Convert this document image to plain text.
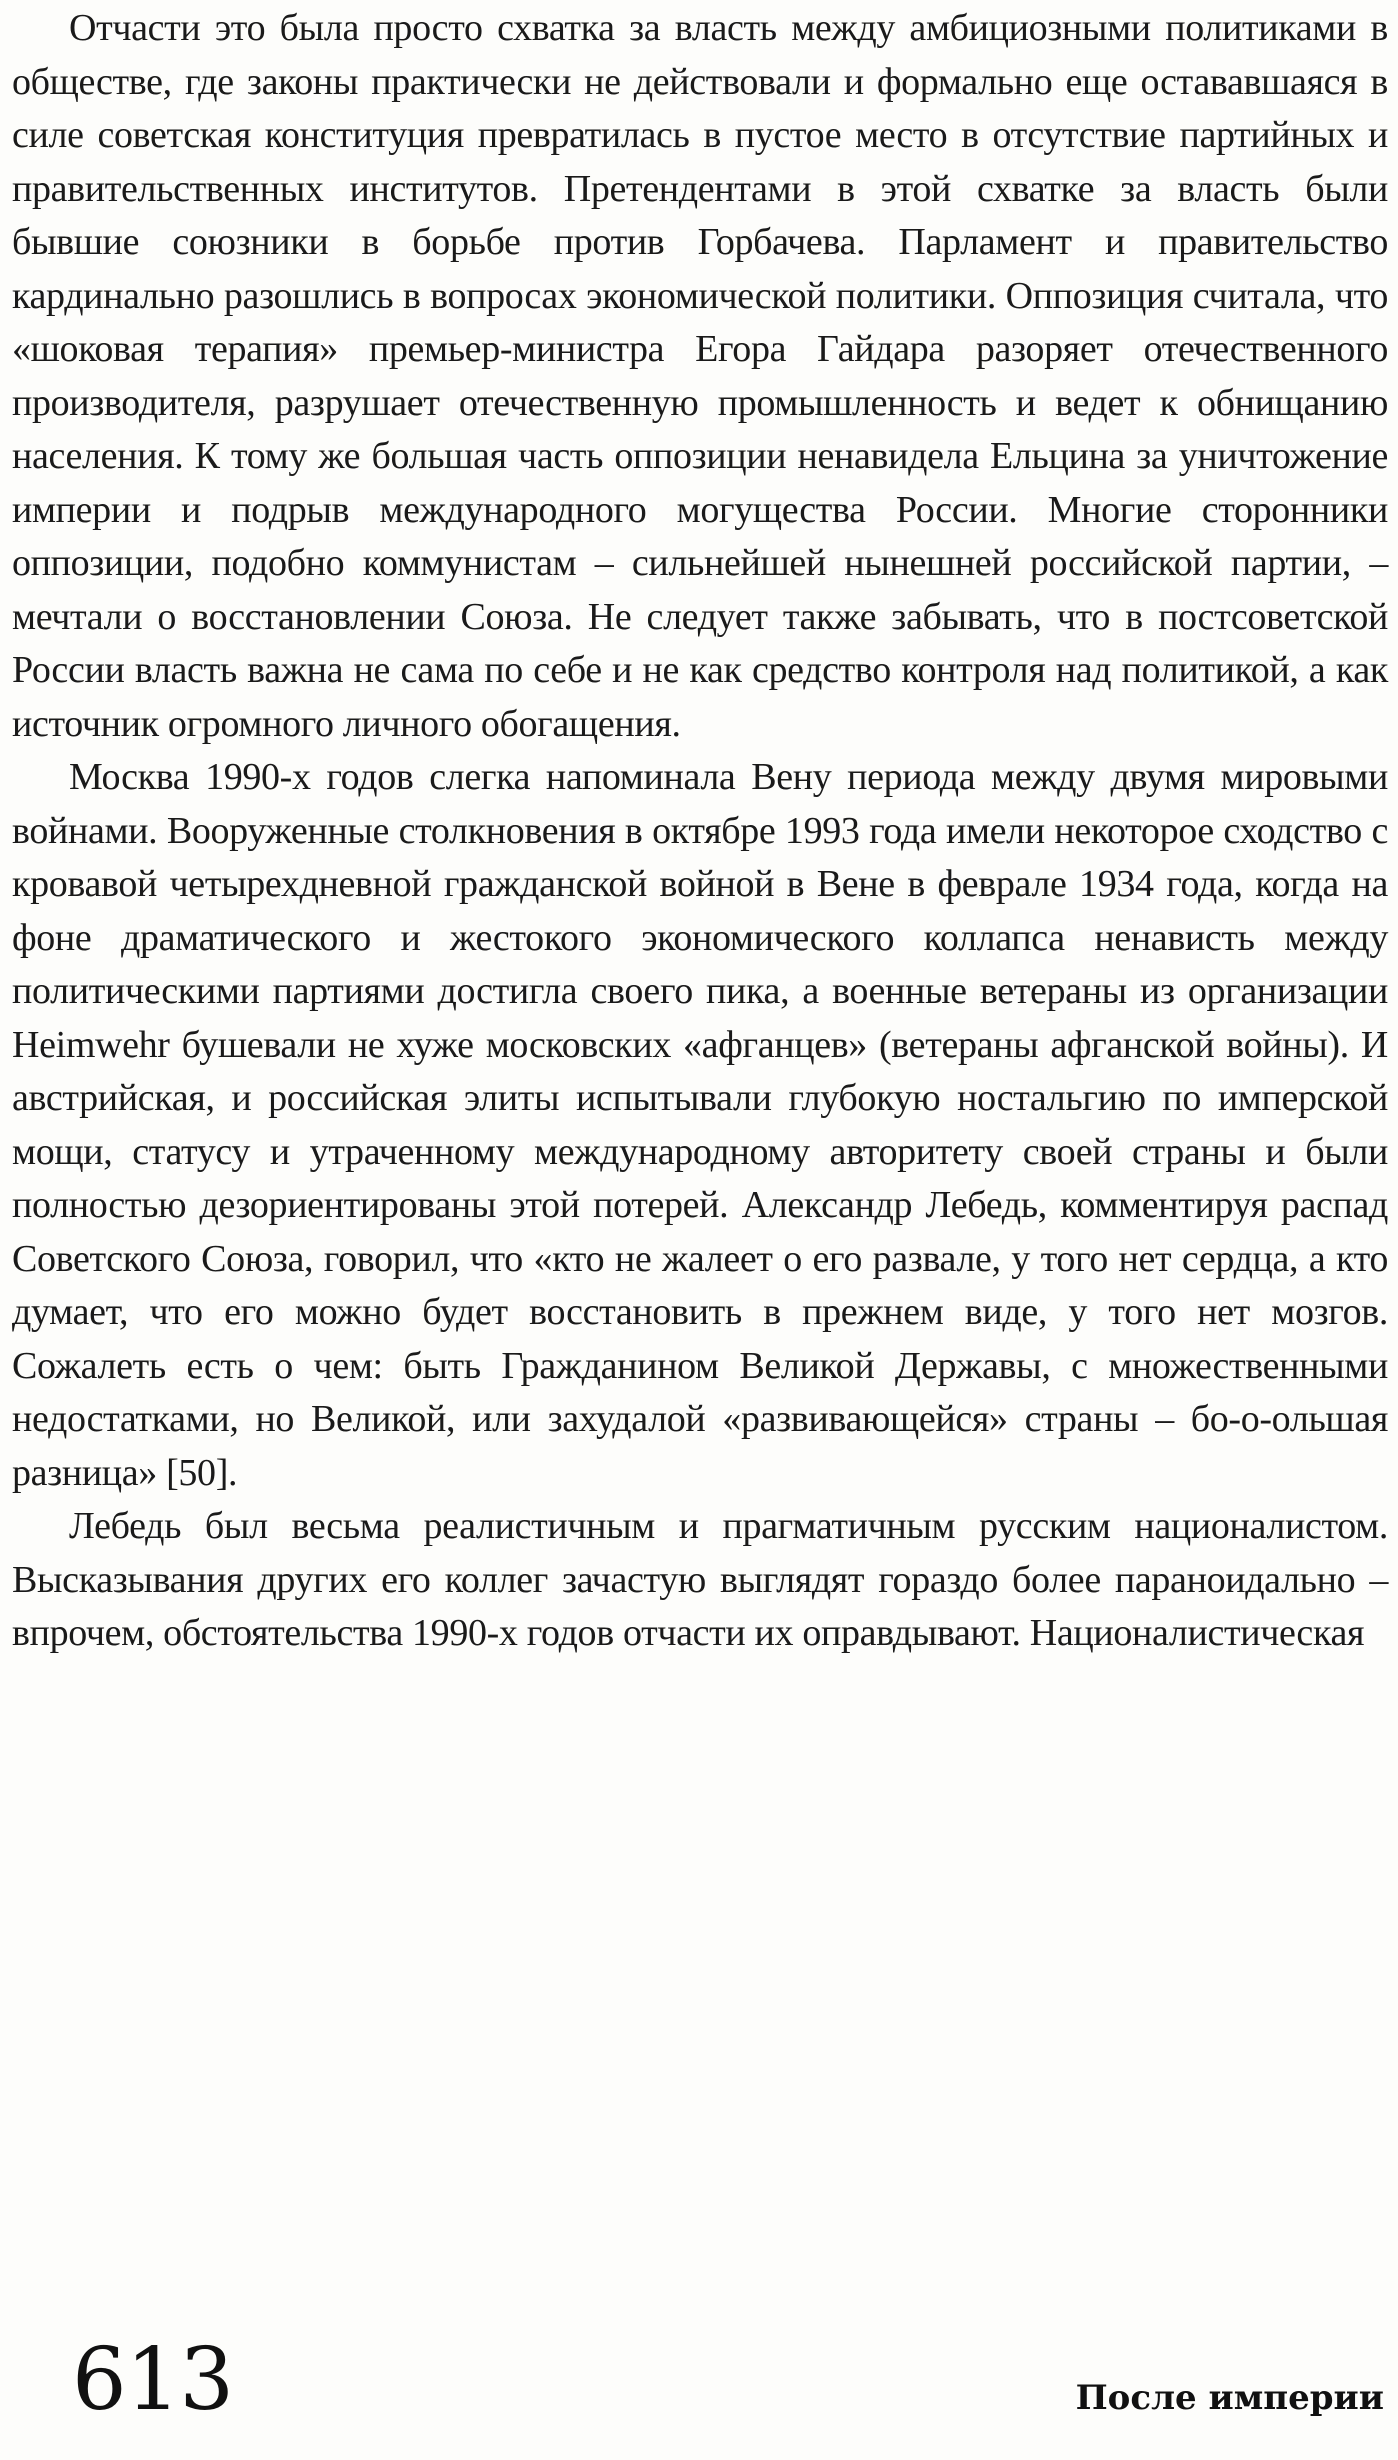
Отчасти это была просто схватка за власть между амбициозными политиками в обществе, где законы практически не действовали и формально еще остававшаяся в силе советская конституция превратилась в пустое место в отсутствие партийных и правительственных институтов. Претендентами в этой схватке за власть были бывшие союзники в борьбе против Горбачева. Парламент и правительство кардинально разошлись в вопросах экономической политики. Оппозиция считала, что «шоковая терапия» премьер-министра Егора Гайдара разоряет отечественного производителя, разрушает отечественную промышленность и ведет к обнищанию населения. К тому же большая часть оппозиции ненавидела Ельцина за уничтожение империи и подрыв международного могущества России. Многие сторонники оппозиции, подобно коммунистам – сильнейшей нынешней российской партии, – мечтали о восстановлении Союза. Не следует также забывать, что в постсоветской России власть важна не сама по себе и не как средство контроля над политикой, а как источник огромного личного обогащения.

Москва 1990-х годов слегка напоминала Вену периода между двумя мировыми войнами. Вооруженные столкновения в октябре 1993 года имели некоторое сходство с кровавой четырехдневной гражданской войной в Вене в феврале 1934 года, когда на фоне драматического и жестокого экономического коллапса ненависть между политическими партиями достигла своего пика, а военные ветераны из организации Heimwehr бушевали не хуже московских «афганцев» (ветераны афганской войны). И австрийская, и российская элиты испытывали глубокую ностальгию по имперской мощи, статусу и утраченному международному авторитету своей страны и были полностью дезориентированы этой потерей. Александр Лебедь, комментируя распад Советского Союза, говорил, что «кто не жалеет о его развале, у того нет сердца, а кто думает, что его можно будет восстановить в прежнем виде, у того нет мозгов. Сожалеть есть о чем: быть Гражданином Великой Державы, с множественными недостатками, но Великой, или захудалой «развивающейся» страны – бо-о-ольшая разница» [50].

Лебедь был весьма реалистичным и прагматичным русским националистом. Высказывания других его коллег зачастую выглядят гораздо более параноидально – впрочем, обстоятельства 1990-х годов отчасти их оправдывают. Националистическая

613	После империи
